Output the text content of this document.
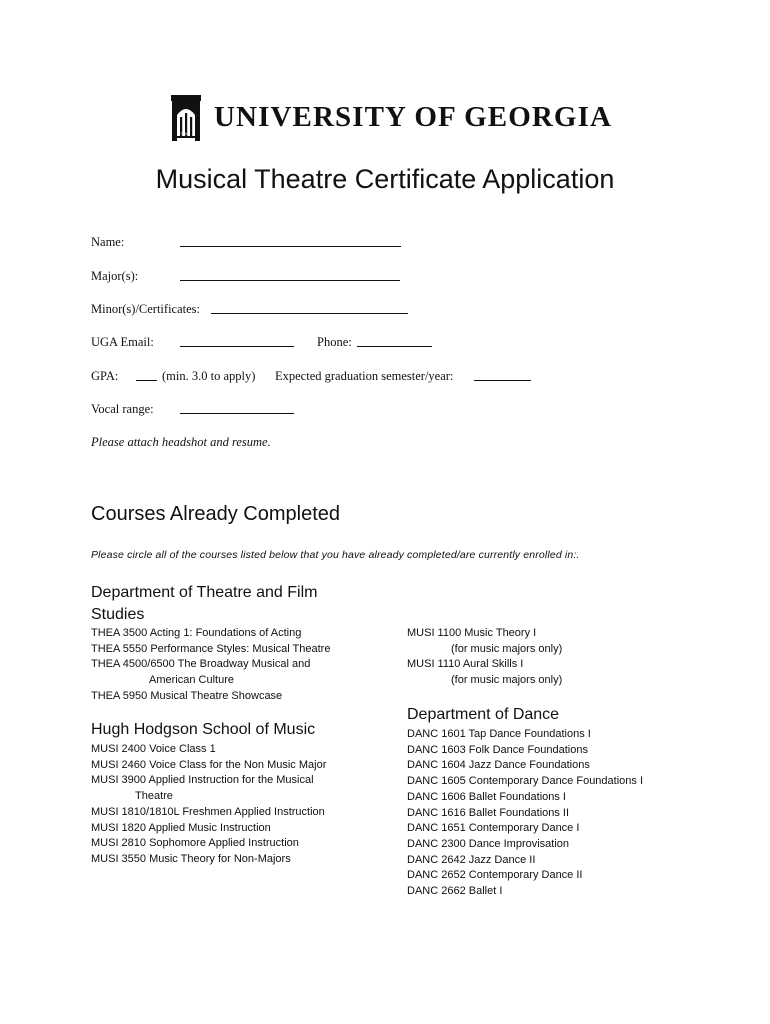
UNIVERSITY OF GEORGIA
1785
Musical Theatre Certificate Application
Name:
Major(s):
Minor(s)/Certificates:
UGA Email:	Phone:
GPA:	(min. 3.0 to apply) Expected graduation semester/year:
Vocal range:
Please attach headshot and resume.
Courses Already Completed
Please circle all of the courses listed below that you have already completed/are currently enrolled in:.
Department of Theatre and Film
Studies
THEA 3500 Acting 1: Foundations of Acting
THEA 5550 Performance Styles: Musical Theatre
THEA 4500/6500 The Broadway Musical and
American Culture
THEA 5950 Musical Theatre Showcase
Hugh Hodgson School of Music
MUSI 2400 Voice Class 1
MUSI 2460 Voice Class for the Non Music Major
MUSI 3900 Applied Instruction for the Musical
Theatre
MUSI 1810/1810L Freshmen Applied Instruction
MUSI 1820 Applied Music Instruction
MUSI 2810 Sophomore Applied Instruction
MUSI 3550 Music Theory for Non-Majors
MUSI 1100 Music Theory I
(for music majors only)
MUSI 1110 Aural Skills I
(for music majors only)
Department of Dance
DANC 1601 Tap Dance Foundations I
DANC 1603 Folk Dance Foundations
DANC 1604 Jazz Dance Foundations
DANC 1605 Contemporary Dance Foundations I
DANC 1606 Ballet Foundations I
DANC 1616 Ballet Foundations II
DANC 1651 Contemporary Dance I
DANC 2300 Dance Improvisation
DANC 2642 Jazz Dance II
DANC 2652 Contemporary Dance II
DANC 2662 Ballet I
